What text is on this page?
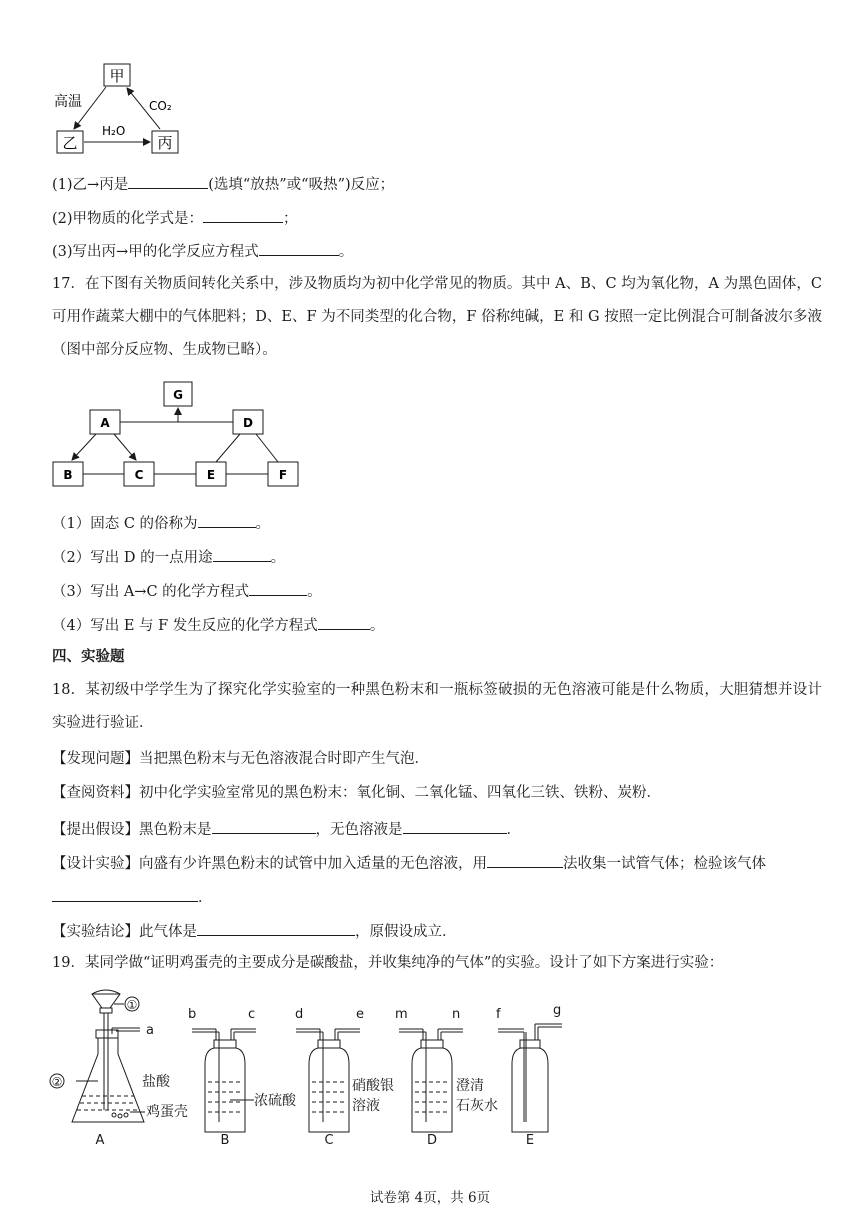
甲
乙	丙
高温
H₂O
CO₂
(1)乙→丙是	(选填“放热”或“吸热”)反应；
(2)甲物质的化学式是：	；
(3)写出丙→甲的化学反应方程式	。
17．在下图有关物质间转化关系中，涉及物质均为初中化学常见的物质。其中 A、B、C 均为氧化物，A 为黑色固体，C 可用作蔬菜大棚中的气体肥料；D、E、F 为不同类型的化合物，F 俗称纯碱，E 和 G 按照一定比例混合可制备波尔多液（图中部分反应物、生成物已略）。
G
A	D
B	C	E	F
（1）固态 C 的俗称为	。
（2）写出 D 的一点用途	。
（3）写出 A→C 的化学方程式	。
（4）写出 E 与 F 发生反应的化学方程式	。
四、实验题
18．某初级中学学生为了探究化学实验室的一种黑色粉末和一瓶标签破损的无色溶液可能是什么物质，大胆猜想并设计实验进行验证．
【发现问题】当把黑色粉末与无色溶液混合时即产生气泡．
【查阅资料】初中化学实验室常见的黑色粉末：氧化铜、二氧化锰、四氧化三铁、铁粉、炭粉．
【提出假设】黑色粉末是	，无色溶液是	．
【设计实验】向盛有少许黑色粉末的试管中加入适量的无色溶液，用	法收集一试管气体；检验该气体
．
【实验结论】此气体是	，原假设成立．
19．某同学做“证明鸡蛋壳的主要成分是碳酸盐，并收集纯净的气体”的实验。设计了如下方案进行实验：
①
②
a
b	c	d	e m	n	f	g
盐酸
鸡蛋壳
浓硫酸
硝酸银
溶液
澄清
石灰水
A	B	C	D	E
试卷第 4页，共 6页
